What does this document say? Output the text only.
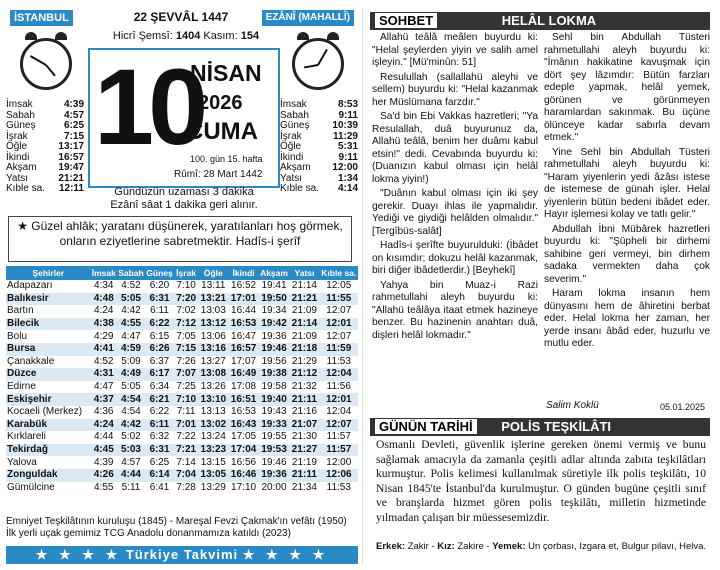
İSTANBUL	22 ŞEVVÂL 1447	EZÂNÎ (MAHALLÎ)
Hicrî Şemsî: 1404 Kasım: 154
10
NİSAN
2026
CUMA
100. gün 15. hafta
Rûmî: 28 Mart 1442
İmsak	4:39
Sabah	4:57
Güneş	6:25
İşrak	7:15
Öğle	13:17
İkindi	16:57
Akşam 19:47
Yatsı	21:21
Kıble sa. 12:11
İmsak	8:53
Sabah	9:11
Güneş 10:39
İşrak	11:29
Öğle	5:31
İkindi	9:11
Akşam 12:00
Yatsı	1:34
Kıble sa. 4:14
Gündüzün uzaması 3 dakika
Ezânî sâat 1 dakika geri alınır.
★ Güzel ahlâk; yaratanı düşünerek, yaratılanları hoş görmek, onların eziyetlerine sabretmektir. Hadîs-i şerîf
Şehirler	İmsak	Sabah	Güneş	İşrak	Öğle	İkindi	Akşam	Yatsı	Kıble sa.
Adapazarı	4:34	4:52	6:20	7:10	13:11	16:52	19:41	21:14	12:05
Balıkesir	4:48	5:05	6:31	7:20	13:21	17:01	19:50	21:21	11:55
Bartın	4:24	4:42	6:11	7:02	13:03	16:44	19:34	21:09	12:07
Bilecik	4:38	4:55	6:22	7:12	13:12	16:53	19:42	21:14	12:01
Bolu	4:29	4:47	6:15	7:05	13:06	16:47	19:36	21:09	12:07
Bursa	4:41	4:59	6:26	7:15	13:16	16:57	19:46	21:18	11:59
Çanakkale	4:52	5:09	6:37	7:26	13:27	17:07	19:56	21:29	11:53
Düzce	4:31	4:49	6:17	7:07	13:08	16:49	19:38	21:12	12:04
Edirne	4:47	5:05	6:34	7:25	13:26	17:08	19:58	21:32	11:56
Eskişehir	4:37	4:54	6:21	7:10	13:10	16:51	19:40	21:11	12:01
Kocaeli (Merkez)	4:36	4:54	6:22	7:11	13:13	16:53	19:43	21:16	12:04
Karabük	4:24	4:42	6:11	7:01	13:02	16:43	19:33	21:07	12:07
Kırklareli	4:44	5:02	6:32	7:22	13:24	17:05	19:55	21:30	11:57
Tekirdağ	4:45	5:03	6:31	7:21	13:23	17:04	19:53	21:27	11:57
Yalova	4:39	4:57	6:25	7:14	13:15	16:56	19:46	21:19	12:00
Zonguldak	4:26	4:44	6:14	7:04	13:05	16:46	19:36	21:11	12:06
Gümülcine	4:55	5:11	6:41	7:28	13:29	17:10	20:00	21:34	11:53
Emniyet Teşkilâtının kuruluşu (1845) - Mareşal Fevzi Çakmak'ın vefâtı (1950)
İlk yerli uçak gemimiz TCG Anadolu donanmamıza katıldı (2023)
★ ★ ★ ★ Türkiye Takvimi ★ ★ ★ ★
SOHBET	HELÂL LOKMA

Allahü teâlâ meâlen buyurdu ki: "Helal şeylerden yiyin ve salih amel işleyin." [Mü'minûn: 51]

Resulullah (sallallahü aleyhi ve sellem) buyurdu ki: "Helal kazanmak her Müslümana farzdır."

Sa'd bin Ebi Vakkas hazretleri; "Ya Resulallah, duâ buyurunuz da, Allahü teâlâ, benim her duâmı kabul etsin!" dedi. Cevabında buyurdu ki: (Duanızın kabul olması için helâl lokma yiyin!)

"Duânın kabul olması için iki şey gerekir. Duayı ihlas ile yapmalıdır. Yediği ve giydiği helâlden olmalıdır." [Tergîbüs-salât]

Hadîs-i şerîfte buyurulduki: (İbâdet on kısımdır; dokuzu helâl kazanmak, biri diğer ibâdetlerdir.) [Beyhekî]

Yahya bin Muaz-i Razi rahmetullahi aleyh buyurdu ki: "Allahü teâlâya itaat etmek hazineye benzer. Bu hazinenin anahtarı duâ, dişleri helâl lokmadır."

Sehl bin Abdullah Tüsteri rahmetullahi aleyh buyurdu ki: "İmânın hakikatine kavuşmak için dört şey lâzımdır: Bütün farzları edeple yapmak, helâl yemek, görünen ve görünmeyen haramlardan sakınmak. Bu üçüne ölünceye kadar sabırla devam etmek."

Yine Sehl bin Abdullah Tüsteri rahmetullahi aleyh buyurdu ki: "Haram yiyenlerin yedi âzâsı istese de istemese de günah işler. Helal yiyenlerin bütün bedeni ibâdet eder. Hayır işlemesi kolay ve tatlı gelir."

Abdullah İbni Mübârek hazretleri buyurdu ki: "Şüpheli bir dirhemi sahibine geri vermeyi, bin dirhem sadaka vermekten daha çok severim."

Haram lokma insanın hem dünyasını hem de âhiretini berbat eder. Helal lokma her zaman, her yerde insanı âbâd eder, huzurlu ve mutlu eder.

Salim Koklü	05.01.2025
GÜNÜN TARİHİ POLİS TEŞKİLÂTI
Osmanlı Devleti, güvenlik işlerine gereken önemi vermiş ve bunu sağlamak amacıyla da zamanla çeşitli adlar altında zabıta teşkilâtları kurmuştur. Polis kelimesi kullanılmak süretiyle ilk polis teşkilâtı, 10 Nisan 1845'te İstanbul'da kurulmuştur. O günden bugüne çeşitli sınıf ve branşlarda hizmet gören polis teşkilâtı, milletin hizmetinde yılmadan çalışan bir müessesemizdir.
Erkek: Zakir - Kız: Zakire - Yemek: Un çorbası, Izgara et, Bulgur pilavı, Helva.
